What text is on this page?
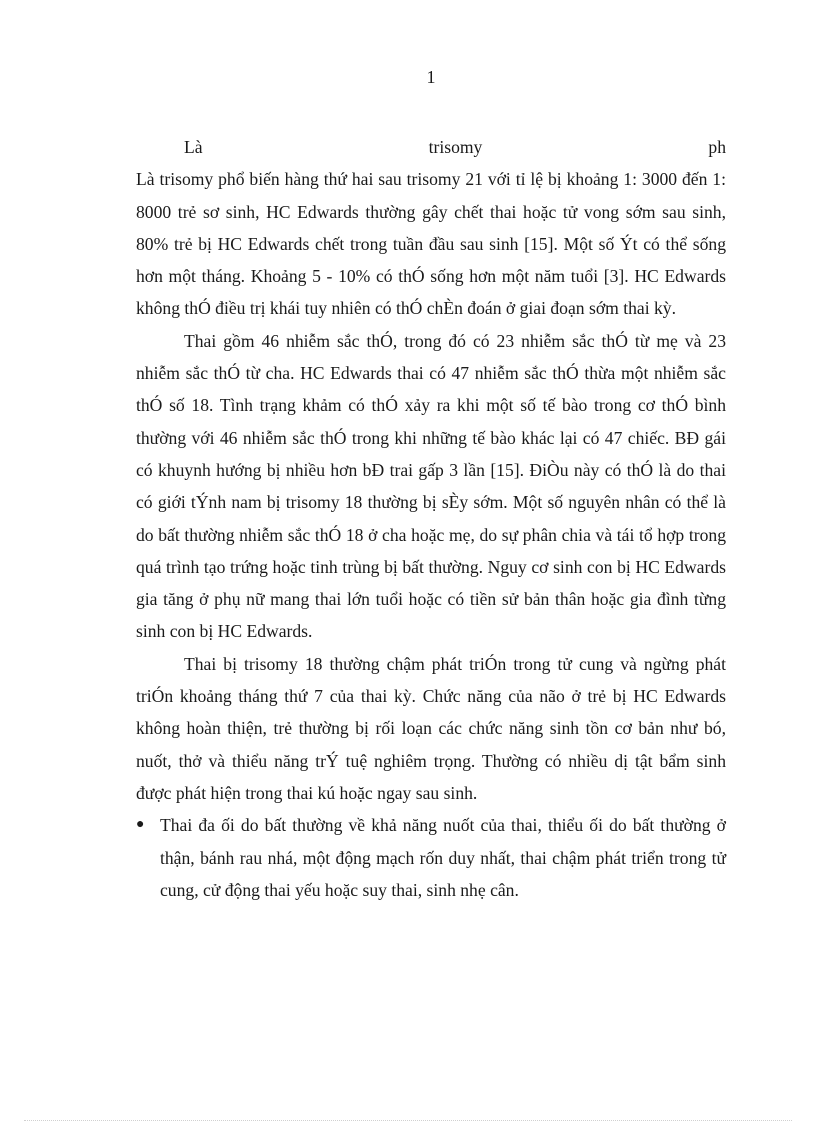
1
Là	trisomy	ph

Là trisomy phổ biến hàng thứ hai sau trisomy 21 với tỉ lệ bị khoảng 1: 3000 đến 1: 8000 trẻ sơ sinh, HC Edwards thường gây chết thai hoặc tử vong sớm sau sinh, 80% trẻ bị HC Edwards chết trong tuần đầu sau sinh [15]. Một số Ýt có thể sống hơn một tháng. Khoảng 5 - 10% có thÓ sống hơn một năm tuổi [3]. HC Edwards không thÓ điều trị khái tuy nhiên có thÓ chÈn đoán ở giai đoạn sớm thai kỳ.

Thai gồm 46 nhiễm sắc thÓ, trong đó có 23 nhiễm sắc thÓ từ mẹ và 23 nhiễm sắc thÓ từ cha. HC Edwards thai có 47 nhiễm sắc thÓ thừa một nhiễm sắc thÓ số 18. Tình trạng khảm có thÓ xảy ra khi một số tế bào trong cơ thÓ bình thường với 46 nhiễm sắc thÓ trong khi những tế bào khác lại có 47 chiếc. BÐ gái có khuynh hướng bị nhiều hơn bÐ trai gấp 3 lần [15]. ĐiÒu này có thÓ là do thai có giới tÝnh nam bị trisomy 18 thường bị sÈy sớm. Một số nguyên nhân có thể là do bất thường nhiễm sắc thÓ 18 ở cha hoặc mẹ, do sự phân chia và tái tổ hợp trong quá trình tạo trứng hoặc tinh trùng bị bất thường. Nguy cơ sinh con bị HC Edwards gia tăng ở phụ nữ mang thai lớn tuổi hoặc có tiền sử bản thân hoặc gia đình từng sinh con bị HC Edwards.

Thai bị trisomy 18 thường chậm phát triÓn trong tử cung và ngừng phát triÓn khoảng tháng thứ 7 của thai kỳ. Chức năng của não ở trẻ bị HC Edwards không hoàn thiện, trẻ thường bị rối loạn các chức năng sinh tồn cơ bản như bó, nuốt, thở và thiểu năng trÝ tuệ nghiêm trọng. Thường có nhiều dị tật bẩm sinh được phát hiện trong thai kú hoặc ngay sau sinh.

● Thai đa ối do bất thường về khả năng nuốt của thai, thiểu ối do bất thường ở thận, bánh rau nhá, một động mạch rốn duy nhất, thai chậm phát triển trong tử cung, cử động thai yếu hoặc suy thai, sinh nhẹ cân.
